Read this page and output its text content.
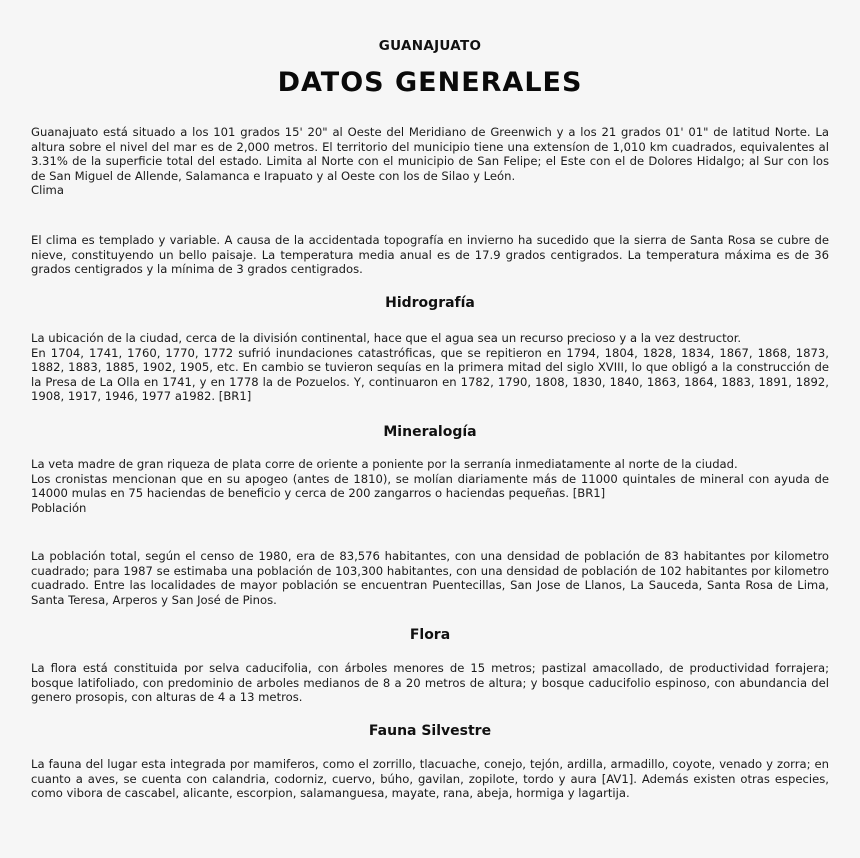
GUANAJUATO
DATOS GENERALES

Guanajuato está situado a los 101 grados 15' 20" al Oeste del Meridiano de Greenwich y a los 21 grados 01' 01" de latitud Norte. La altura sobre el nivel del mar es de 2,000 metros. El territorio del municipio tiene una extensíon de 1,010 km cuadrados, equivalentes al 3.31% de la superficie total del estado. Limita al Norte con el municipio de San Felipe; el Este con el de Dolores Hidalgo; al Sur con los de San Miguel de Allende, Salamanca e Irapuato y al Oeste con los de Silao y León.
Clima

El clima es templado y variable. A causa de la accidentada topografía en invierno ha sucedido que la sierra de Santa Rosa se cubre de nieve, constituyendo un bello paisaje. La temperatura media anual es de 17.9 grados centigrados. La temperatura máxima es de 36 grados centigrados y la mínima de 3 grados centigrados.

Hidrografía

La ubicación de la ciudad, cerca de la división continental, hace que el agua sea un recurso precioso y a la vez destructor.
En 1704, 1741, 1760, 1770, 1772 sufrió inundaciones catastróficas, que se repitieron en 1794, 1804, 1828, 1834, 1867, 1868, 1873, 1882, 1883, 1885, 1902, 1905, etc. En cambio se tuvieron sequías en la primera mitad del siglo XVIII, lo que obligó a la construcción de la Presa de La Olla en 1741, y en 1778 la de Pozuelos. Y, continuaron en 1782, 1790, 1808, 1830, 1840, 1863, 1864, 1883, 1891, 1892, 1908, 1917, 1946, 1977 a1982. [BR1]

Mineralogía

La veta madre de gran riqueza de plata corre de oriente a poniente por la serranía inmediatamente al norte de la ciudad.
Los cronistas mencionan que en su apogeo (antes de 1810), se molían diariamente más de 11000 quintales de mineral con ayuda de 14000 mulas en 75 haciendas de beneficio y cerca de 200 zangarros o haciendas pequeñas. [BR1]
Población

La población total, según el censo de 1980, era de 83,576 habitantes, con una densidad de población de 83 habitantes por kilometro cuadrado; para 1987 se estimaba una población de 103,300 habitantes, con una densidad de población de 102 habitantes por kilometro cuadrado. Entre las localidades de mayor población se encuentran Puentecillas, San Jose de Llanos, La Sauceda, Santa Rosa de Lima, Santa Teresa, Arperos y San José de Pinos.

Flora

La flora está constituida por selva caducifolia, con árboles menores de 15 metros; pastizal amacollado, de productividad forrajera; bosque latifoliado, con predominio de arboles medianos de 8 a 20 metros de altura; y bosque caducifolio espinoso, con abundancia del genero prosopis, con alturas de 4 a 13 metros.

Fauna Silvestre

La fauna del lugar esta integrada por mamiferos, como el zorrillo, tlacuache, conejo, tejón, ardilla, armadillo, coyote, venado y zorra; en cuanto a aves, se cuenta con calandria, codorniz, cuervo, búho, gavilan, zopilote, tordo y aura [AV1]. Además existen otras especies, como vibora de cascabel, alicante, escorpion, salamanguesa, mayate, rana, abeja, hormiga y lagartija.
